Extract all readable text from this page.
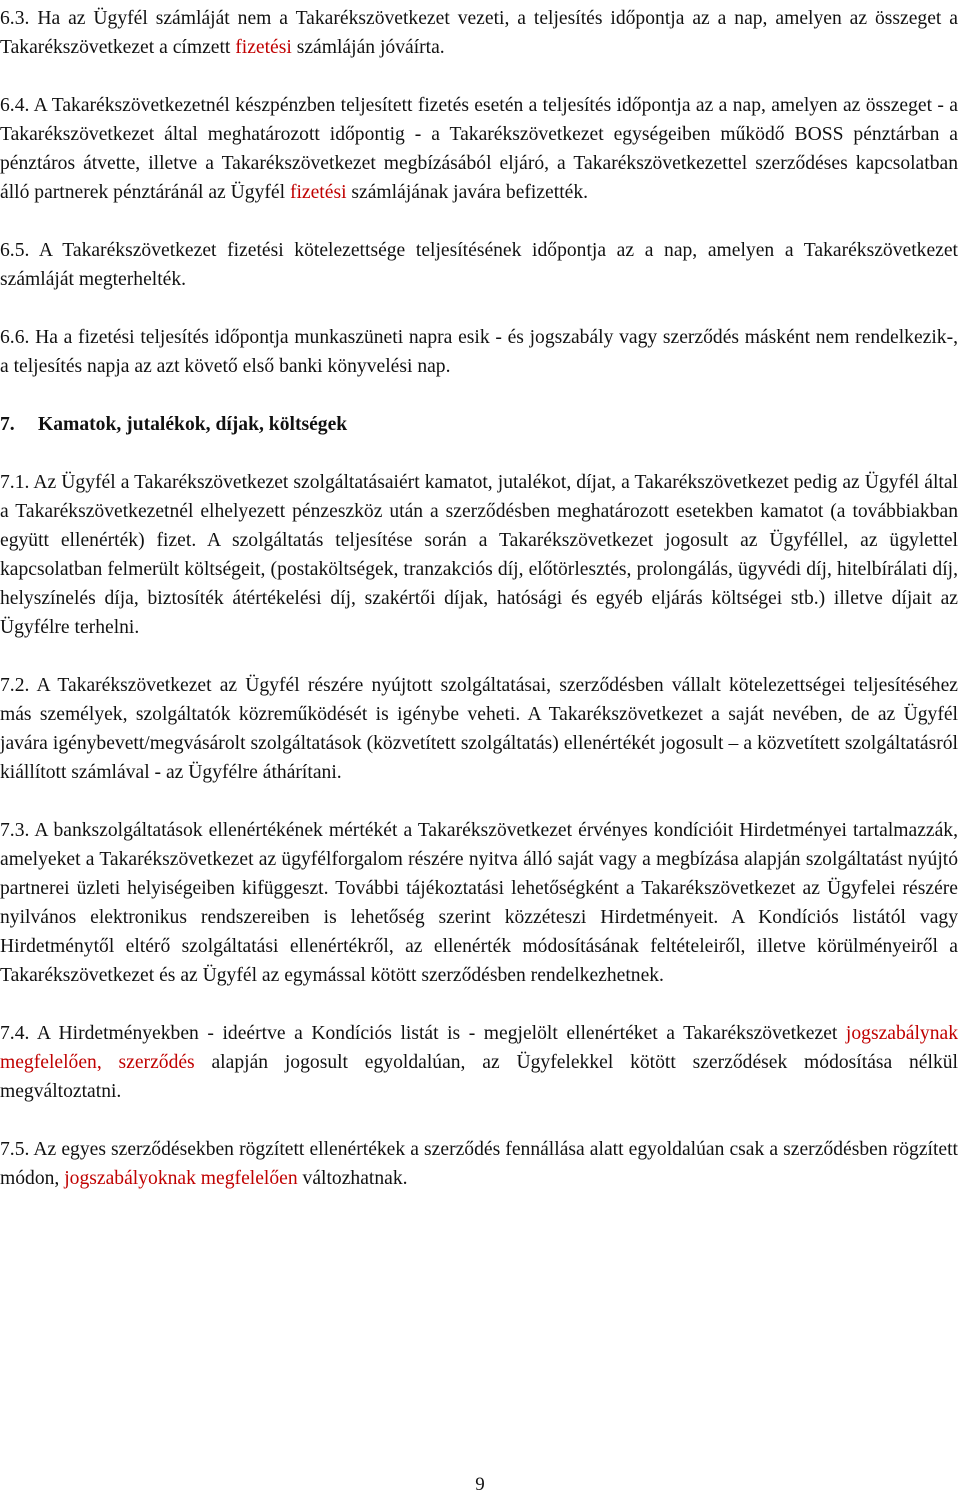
6.3. Ha az Ügyfél számláját nem a Takarékszövetkezet vezeti, a teljesítés időpontja az a nap, amelyen az összeget a Takarékszövetkezet a címzett fizetési számláján jóváírta.

6.4. A Takarékszövetkezetnél készpénzben teljesített fizetés esetén a teljesítés időpontja az a nap, amelyen az összeget - a Takarékszövetkezet által meghatározott időpontig - a Takarékszövetkezet egységeiben működő BOSS pénztárban a pénztáros átvette, illetve a Takarékszövetkezet megbízásából eljáró, a Takarékszövetkezettel szerződéses kapcsolatban álló partnerek pénztáránál az Ügyfél fizetési számlájának javára befizették.

6.5. A Takarékszövetkezet fizetési kötelezettsége teljesítésének időpontja az a nap, amelyen a Takarékszövetkezet számláját megterhelték.

6.6. Ha a fizetési teljesítés időpontja munkaszüneti napra esik - és jogszabály vagy szerződés másként nem rendelkezik-, a teljesítés napja az azt követő első banki könyvelési nap.

7. Kamatok, jutalékok, díjak, költségek

7.1. Az Ügyfél a Takarékszövetkezet szolgáltatásaiért kamatot, jutalékot, díjat, a Takarékszövetkezet pedig az Ügyfél által a Takarékszövetkezetnél elhelyezett pénzeszköz után a szerződésben meghatározott esetekben kamatot (a továbbiakban együtt ellenérték) fizet. A szolgáltatás teljesítése során a Takarékszövetkezet jogosult az Ügyféllel, az ügylettel kapcsolatban felmerült költségeit, (postaköltségek, tranzakciós díj, előtörlesztés, prolongálás, ügyvédi díj, hitelbírálati díj, helyszínelés díja, biztosíték átértékelési díj, szakértői díjak, hatósági és egyéb eljárás költségei stb.) illetve díjait az Ügyfélre terhelni.

7.2. A Takarékszövetkezet az Ügyfél részére nyújtott szolgáltatásai, szerződésben vállalt kötelezettségei teljesítéséhez más személyek, szolgáltatók közreműködését is igénybe veheti. A Takarékszövetkezet a saját nevében, de az Ügyfél javára igénybevett/megvásárolt szolgáltatások (közvetített szolgáltatás) ellenértékét jogosult – a közvetített szolgáltatásról kiállított számlával - az Ügyfélre áthárítani.

7.3. A bankszolgáltatások ellenértékének mértékét a Takarékszövetkezet érvényes kondícióit Hirdetményei tartalmazzák, amelyeket a Takarékszövetkezet az ügyfélforgalom részére nyitva álló saját vagy a megbízása alapján szolgáltatást nyújtó partnerei üzleti helyiségeiben kifüggeszt. További tájékoztatási lehetőségként a Takarékszövetkezet az Ügyfelei részére nyilvános elektronikus rendszereiben is lehetőség szerint közzéteszi Hirdetményeit. A Kondíciós listától vagy Hirdetménytől eltérő szolgáltatási ellenértékről, az ellenérték módosításának feltételeiről, illetve körülményeiről a Takarékszövetkezet és az Ügyfél az egymással kötött szerződésben rendelkezhetnek.

7.4. A Hirdetményekben - ideértve a Kondíciós listát is - megjelölt ellenértéket a Takarékszövetkezet jogszabálynak megfelelően, szerződés alapján jogosult egyoldalúan, az Ügyfelekkel kötött szerződések módosítása nélkül megváltoztatni.

7.5. Az egyes szerződésekben rögzített ellenértékek a szerződés fennállása alatt egyoldalúan csak a szerződésben rögzített módon, jogszabályoknak megfelelően változhatnak.

9
